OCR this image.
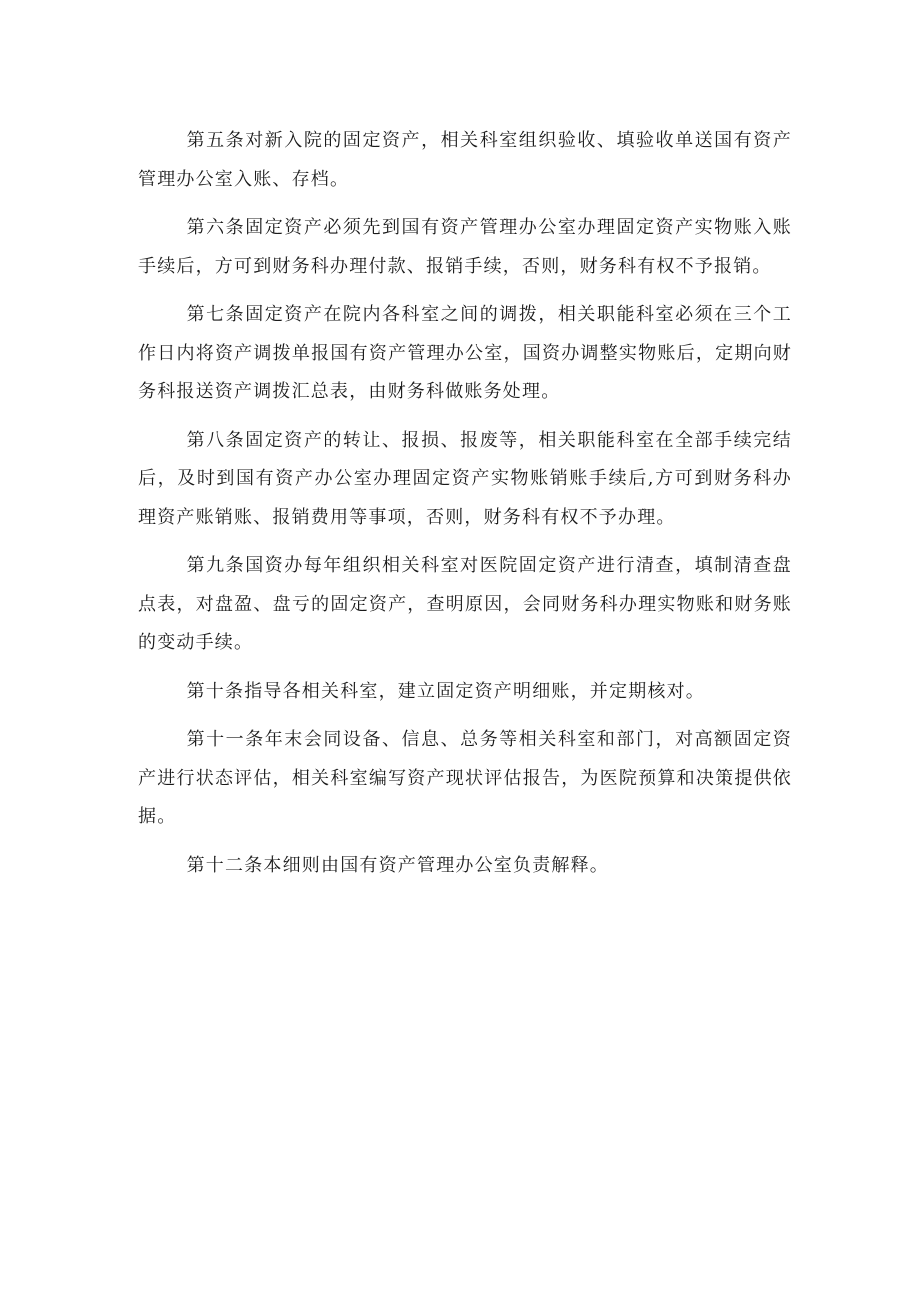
第五条对新入院的固定资产，相关科室组织验收、填验收单送国有资产管理办公室入账、存档。

第六条固定资产必须先到国有资产管理办公室办理固定资产实物账入账手续后，方可到财务科办理付款、报销手续，否则，财务科有权不予报销。

第七条固定资产在院内各科室之间的调拨，相关职能科室必须在三个工作日内将资产调拨单报国有资产管理办公室，国资办调整实物账后，定期向财务科报送资产调拨汇总表，由财务科做账务处理。

第八条固定资产的转让、报损、报废等，相关职能科室在全部手续完结后，及时到国有资产办公室办理固定资产实物账销账手续后,方可到财务科办理资产账销账、报销费用等事项，否则，财务科有权不予办理。

第九条国资办每年组织相关科室对医院固定资产进行清查，填制清查盘点表，对盘盈、盘亏的固定资产，查明原因，会同财务科办理实物账和财务账的变动手续。

第十条指导各相关科室，建立固定资产明细账，并定期核对。

第十一条年末会同设备、信息、总务等相关科室和部门，对高额固定资产进行状态评估，相关科室编写资产现状评估报告，为医院预算和决策提供依据。

第十二条本细则由国有资产管理办公室负责解释。
